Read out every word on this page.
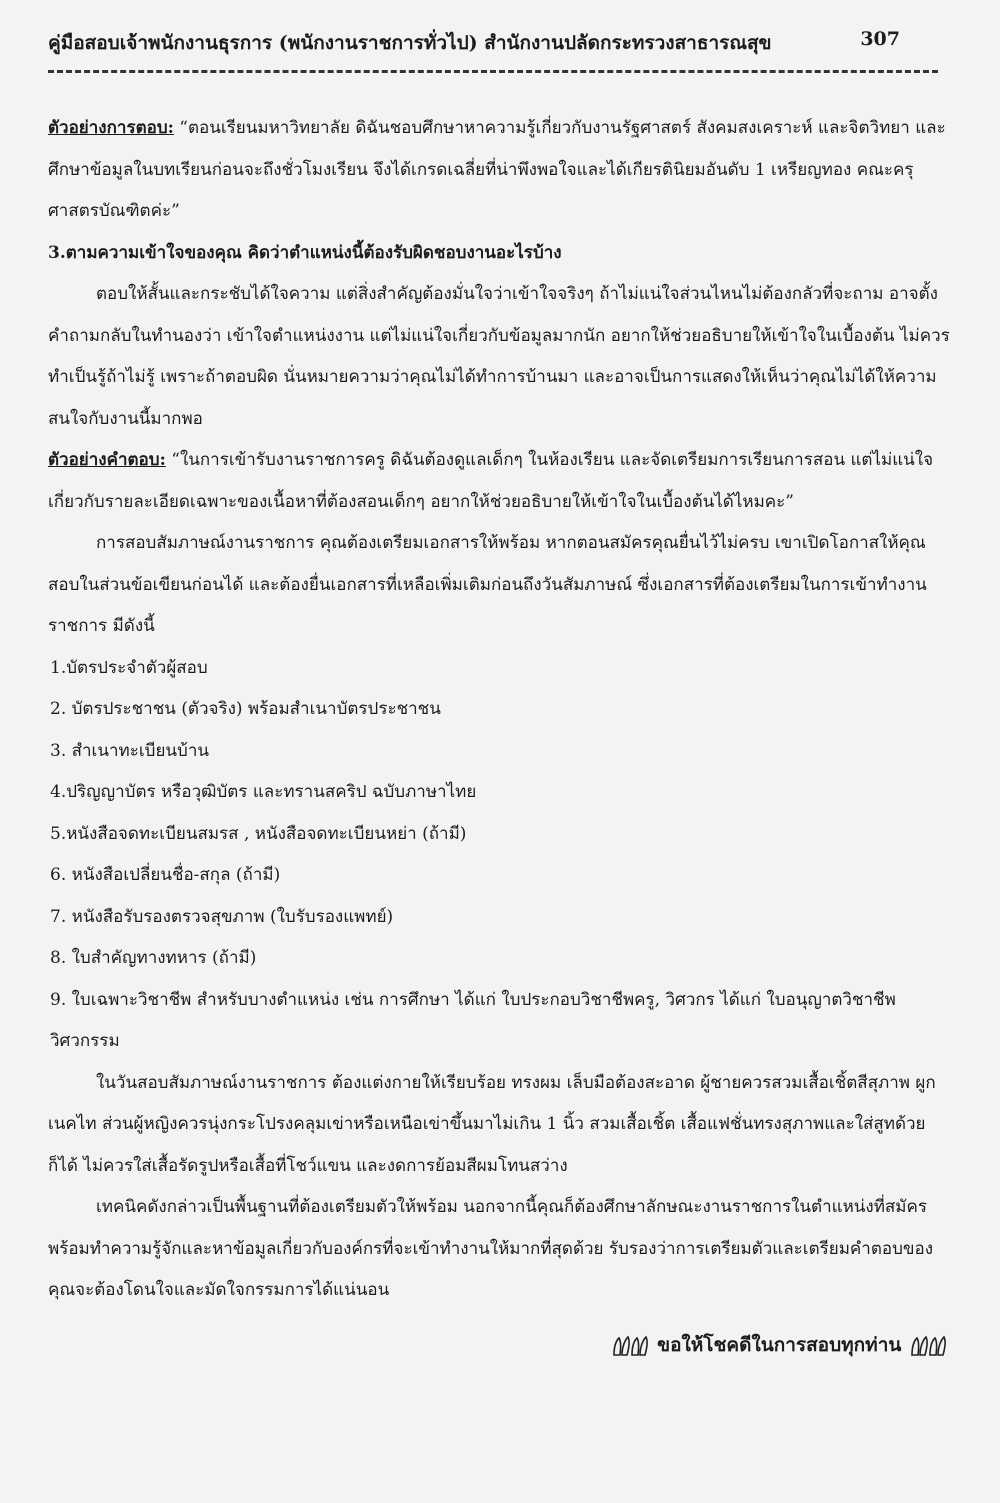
คู่มือสอบเจ้าพนักงานธุรการ (พนักงานราชการทั่วไป) สำนักงานปลัดกระทรวงสาธารณสุข	307

ตัวอย่างการตอบ: “ตอนเรียนมหาวิทยาลัย ดิฉันชอบศึกษาหาความรู้เกี่ยวกับงานรัฐศาสตร์ สังคมสงเคราะห์ และจิตวิทยา และศึกษาข้อมูลในบทเรียนก่อนจะถึงชั่วโมงเรียน จึงได้เกรดเฉลี่ยที่น่าพึงพอใจและได้เกียรตินิยมอันดับ 1 เหรียญทอง คณะครุศาสตรบัณฑิตค่ะ”

3.ตามความเข้าใจของคุณ คิดว่าตำแหน่งนี้ต้องรับผิดชอบงานอะไรบ้าง

ตอบให้สั้นและกระชับได้ใจความ แต่สิ่งสำคัญต้องมั่นใจว่าเข้าใจจริงๆ ถ้าไม่แน่ใจส่วนไหนไม่ต้องกลัวที่จะถาม อาจตั้งคำถามกลับในทำนองว่า เข้าใจตำแหน่งงาน แต่ไม่แน่ใจเกี่ยวกับข้อมูลมากนัก อยากให้ช่วยอธิบายให้เข้าใจในเบื้องต้น ไม่ควรทำเป็นรู้ถ้าไม่รู้ เพราะถ้าตอบผิด นั่นหมายความว่าคุณไม่ได้ทำการบ้านมา และอาจเป็นการแสดงให้เห็นว่าคุณไม่ได้ให้ความสนใจกับงานนี้มากพอ

ตัวอย่างคำตอบ: “ในการเข้ารับงานราชการครู ดิฉันต้องดูแลเด็กๆ ในห้องเรียน และจัดเตรียมการเรียนการสอน แต่ไม่แน่ใจเกี่ยวกับรายละเอียดเฉพาะของเนื้อหาที่ต้องสอนเด็กๆ อยากให้ช่วยอธิบายให้เข้าใจในเบื้องต้นได้ไหมคะ”

การสอบสัมภาษณ์งานราชการ คุณต้องเตรียมเอกสารให้พร้อม หากตอนสมัครคุณยื่นไว้ไม่ครบ เขาเปิดโอกาสให้คุณสอบในส่วนข้อเขียนก่อนได้ และต้องยื่นเอกสารที่เหลือเพิ่มเติมก่อนถึงวันสัมภาษณ์ ซึ่งเอกสารที่ต้องเตรียมในการเข้าทำงานราชการ มีดังนี้

1.บัตรประจำตัวผู้สอบ

2. บัตรประชาชน (ตัวจริง) พร้อมสำเนาบัตรประชาชน

3. สำเนาทะเบียนบ้าน

4.ปริญญาบัตร หรือวุฒิบัตร และทรานสคริป ฉบับภาษาไทย

5.หนังสือจดทะเบียนสมรส , หนังสือจดทะเบียนหย่า (ถ้ามี)

6. หนังสือเปลี่ยนชื่อ-สกุล (ถ้ามี)

7. หนังสือรับรองตรวจสุขภาพ (ใบรับรองแพทย์)

8. ใบสำคัญทางทหาร (ถ้ามี)

9. ใบเฉพาะวิชาชีพ สำหรับบางตำแหน่ง เช่น การศึกษา ได้แก่ ใบประกอบวิชาชีพครู, วิศวกร ได้แก่ ใบอนุญาตวิชาชีพวิศวกรรม

ในวันสอบสัมภาษณ์งานราชการ ต้องแต่งกายให้เรียบร้อย ทรงผม เล็บมือต้องสะอาด ผู้ชายควรสวมเสื้อเชิ้ตสีสุภาพ ผูกเนคไท ส่วนผู้หญิงควรนุ่งกระโปรงคลุมเข่าหรือเหนือเข่าขึ้นมาไม่เกิน 1 นิ้ว สวมเสื้อเชิ้ต เสื้อแฟชั่นทรงสุภาพและใส่สูทด้วยก็ได้ ไม่ควรใส่เสื้อรัดรูปหรือเสื้อที่โชว์แขน และงดการย้อมสีผมโทนสว่าง

เทคนิคดังกล่าวเป็นพื้นฐานที่ต้องเตรียมตัวให้พร้อม นอกจากนี้คุณก็ต้องศึกษาลักษณะงานราชการในตำแหน่งที่สมัคร พร้อมทำความรู้จักและหาข้อมูลเกี่ยวกับองค์กรที่จะเข้าทำงานให้มากที่สุดด้วย รับรองว่าการเตรียมตัวและเตรียมคำตอบของคุณจะต้องโดนใจและมัดใจกรรมการได้แน่นอน

ขอให้โชคดีในการสอบทุกท่าน
